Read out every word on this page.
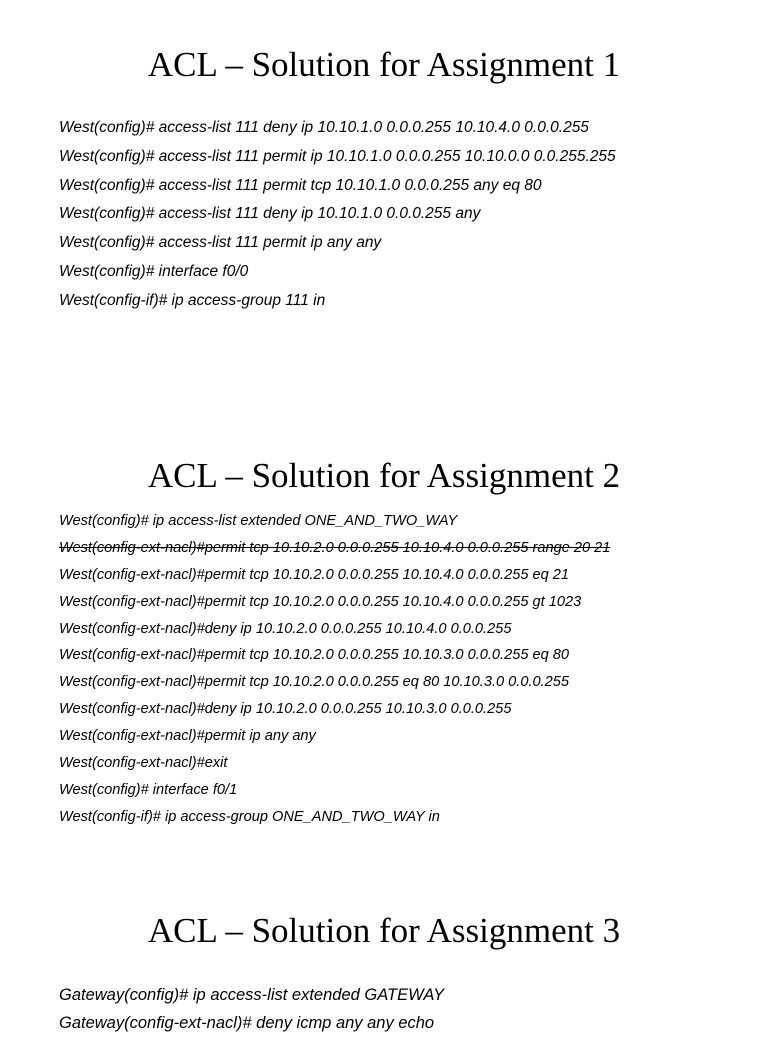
ACL – Solution for Assignment 1
West(config)# access-list 111 deny ip 10.10.1.0 0.0.0.255 10.10.4.0 0.0.0.255
West(config)# access-list 111 permit ip 10.10.1.0 0.0.0.255 10.10.0.0 0.0.255.255
West(config)# access-list 111 permit tcp 10.10.1.0 0.0.0.255 any eq 80
West(config)# access-list 111 deny ip 10.10.1.0 0.0.0.255 any
West(config)# access-list 111 permit ip any any
West(config)# interface f0/0
West(config-if)# ip access-group 111 in
ACL – Solution for Assignment 2
West(config)# ip access-list extended ONE_AND_TWO_WAY
West(config-ext-nacl)#permit tcp 10.10.2.0 0.0.0.255 10.10.4.0 0.0.0.255 range 20 21
West(config-ext-nacl)#permit tcp 10.10.2.0 0.0.0.255 10.10.4.0 0.0.0.255 eq 21
West(config-ext-nacl)#permit tcp 10.10.2.0 0.0.0.255 10.10.4.0 0.0.0.255 gt 1023
West(config-ext-nacl)#deny ip 10.10.2.0 0.0.0.255 10.10.4.0 0.0.0.255
West(config-ext-nacl)#permit tcp 10.10.2.0 0.0.0.255 10.10.3.0 0.0.0.255 eq 80
West(config-ext-nacl)#permit tcp 10.10.2.0 0.0.0.255 eq 80 10.10.3.0 0.0.0.255
West(config-ext-nacl)#deny ip 10.10.2.0 0.0.0.255 10.10.3.0 0.0.0.255
West(config-ext-nacl)#permit ip any any
West(config-ext-nacl)#exit
West(config)# interface f0/1
West(config-if)# ip access-group ONE_AND_TWO_WAY in
ACL – Solution for Assignment 3
Gateway(config)# ip access-list extended GATEWAY
Gateway(config-ext-nacl)# deny icmp any any echo
